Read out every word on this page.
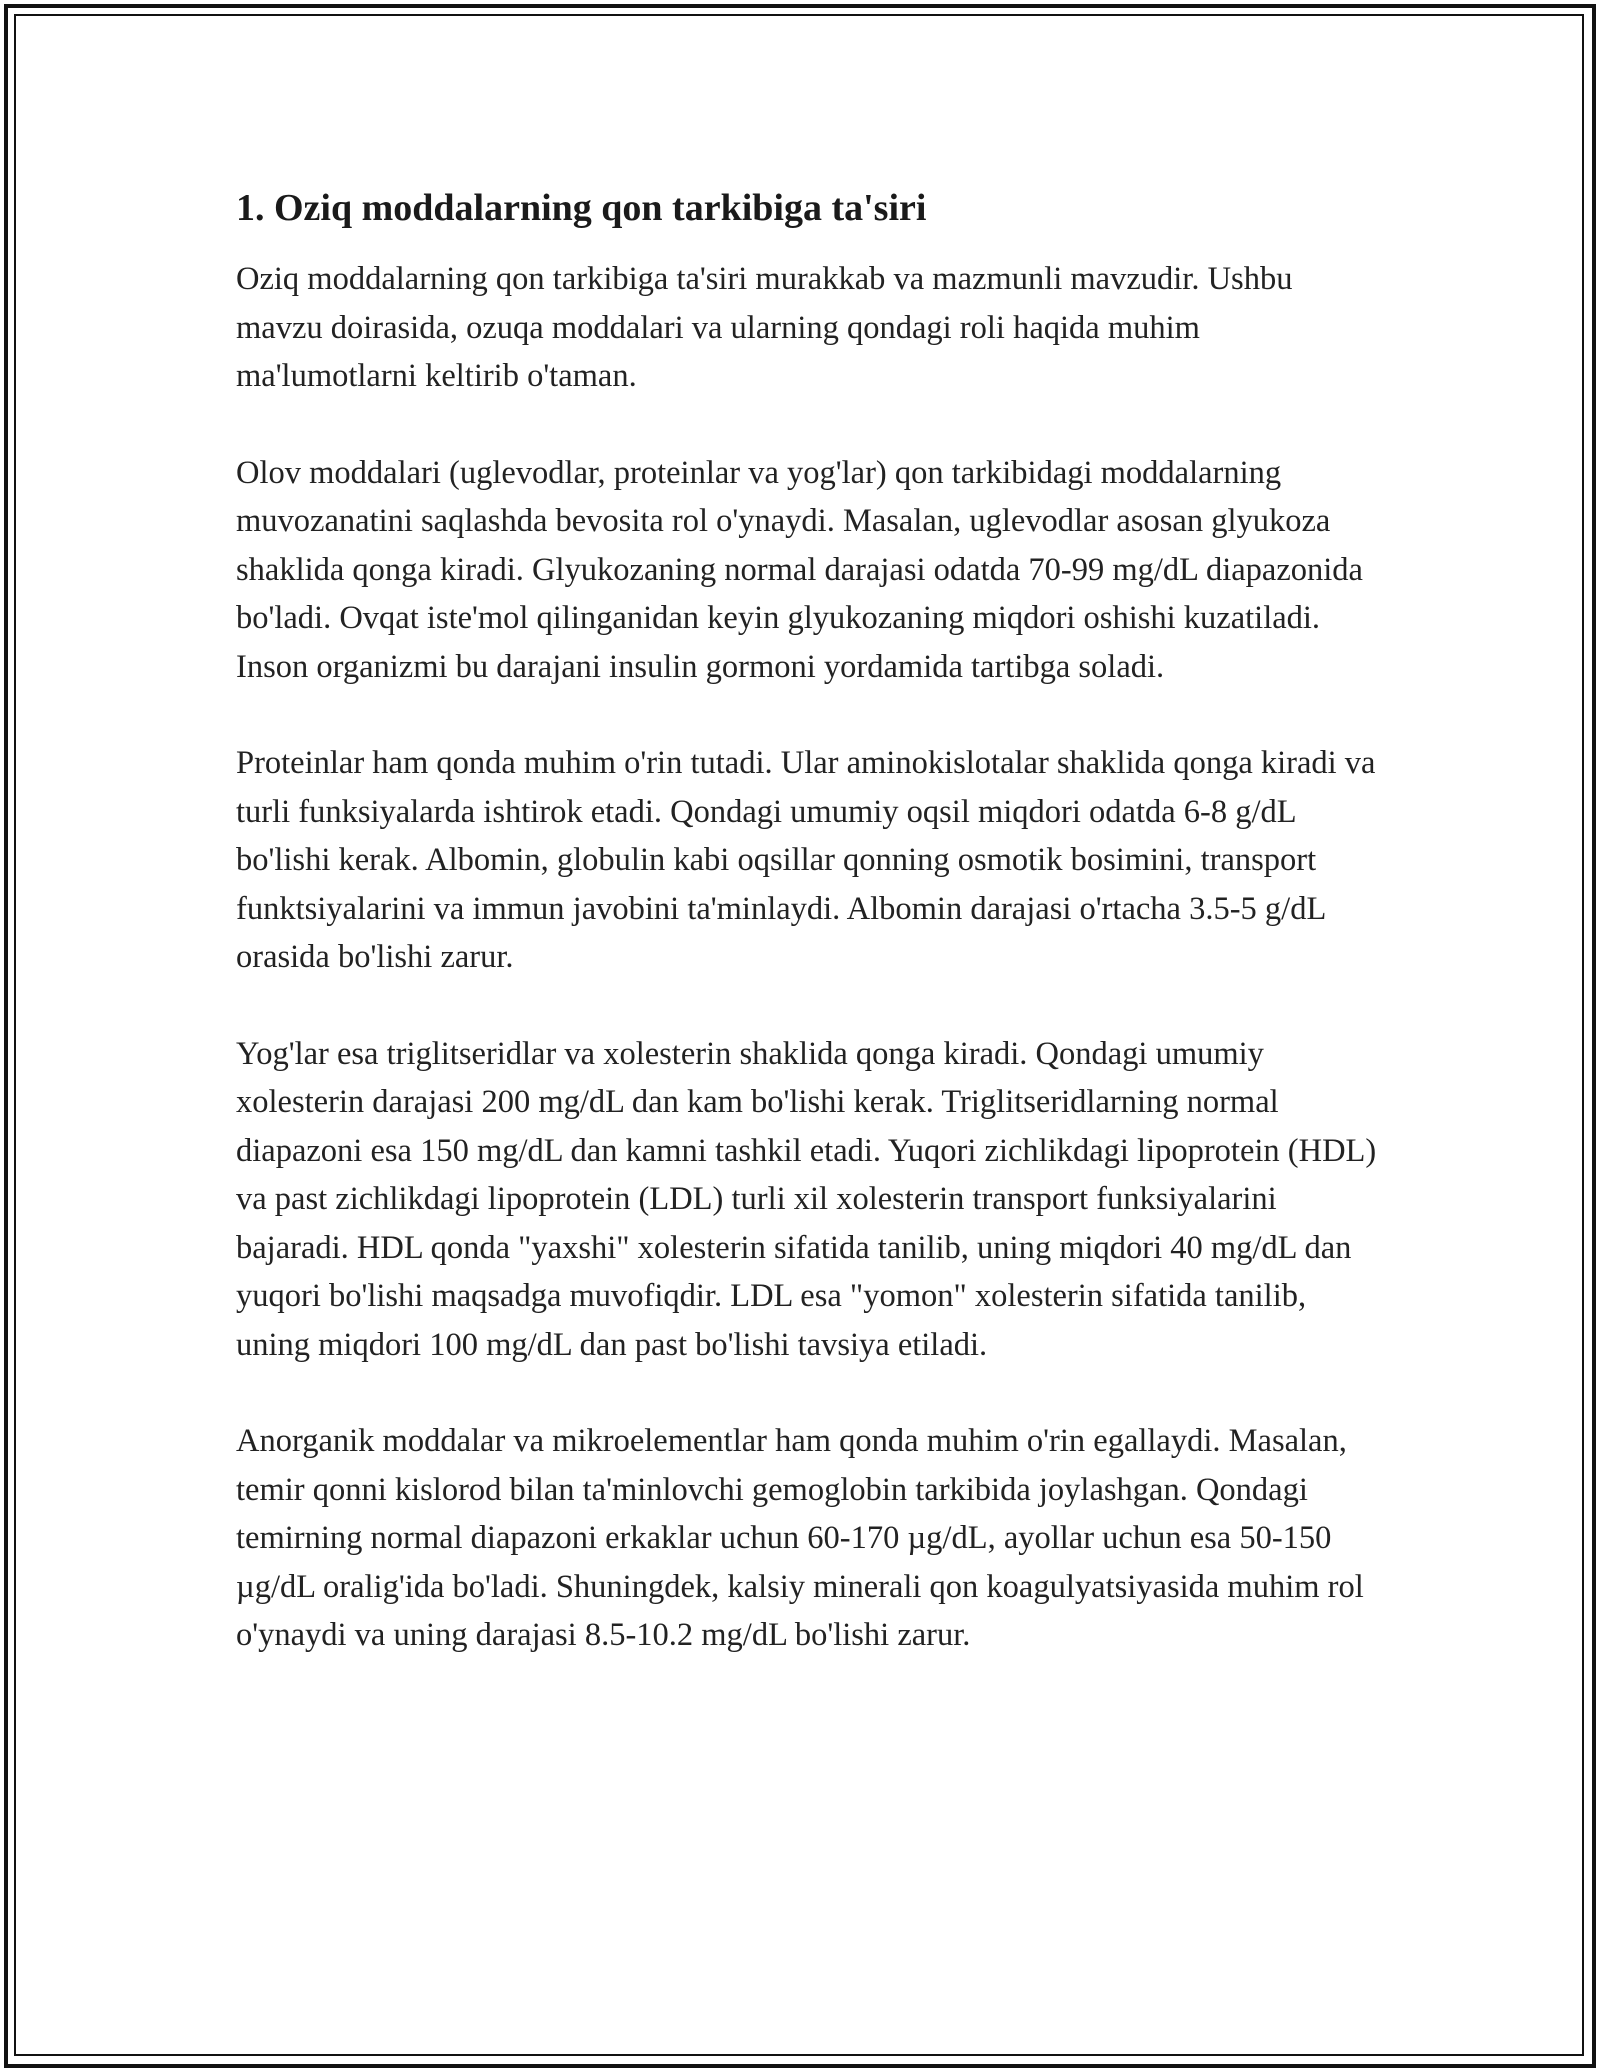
1. Oziq moddalarning qon tarkibiga ta'siri

Oziq moddalarning qon tarkibiga ta'siri murakkab va mazmunli mavzudir. Ushbu mavzu doirasida, ozuqa moddalari va ularning qondagi roli haqida muhim ma'lumotlarni keltirib o'taman.

Olov moddalari (uglevodlar, proteinlar va yog'lar) qon tarkibidagi moddalarning muvozanatini saqlashda bevosita rol o'ynaydi. Masalan, uglevodlar asosan glyukoza shaklida qonga kiradi. Glyukozaning normal darajasi odatda 70-99 mg/dL diapazonida bo'ladi. Ovqat iste'mol qilinganidan keyin glyukozaning miqdori oshishi kuzatiladi. Inson organizmi bu darajani insulin gormoni yordamida tartibga soladi.

Proteinlar ham qonda muhim o'rin tutadi. Ular aminokislotalar shaklida qonga kiradi va turli funksiyalarda ishtirok etadi. Qondagi umumiy oqsil miqdori odatda 6-8 g/dL bo'lishi kerak. Albomin, globulin kabi oqsillar qonning osmotik bosimini, transport funktsiyalarini va immun javobini ta'minlaydi. Albomin darajasi o'rtacha 3.5-5 g/dL orasida bo'lishi zarur.

Yog'lar esa triglitseridlar va xolesterin shaklida qonga kiradi. Qondagi umumiy xolesterin darajasi 200 mg/dL dan kam bo'lishi kerak. Triglitseridlarning normal diapazoni esa 150 mg/dL dan kamni tashkil etadi. Yuqori zichlikdagi lipoprotein (HDL) va past zichlikdagi lipoprotein (LDL) turli xil xolesterin transport funksiyalarini bajaradi. HDL qonda "yaxshi" xolesterin sifatida tanilib, uning miqdori 40 mg/dL dan yuqori bo'lishi maqsadga muvofiqdir. LDL esa "yomon" xolesterin sifatida tanilib, uning miqdori 100 mg/dL dan past bo'lishi tavsiya etiladi.

Anorganik moddalar va mikroelementlar ham qonda muhim o'rin egallaydi. Masalan, temir qonni kislorod bilan ta'minlovchi gemoglobin tarkibida joylashgan. Qondagi temirning normal diapazoni erkaklar uchun 60-170 µg/dL, ayollar uchun esa 50-150 µg/dL oralig'ida bo'ladi. Shuningdek, kalsiy minerali qon koagulyatsiyasida muhim rol o'ynaydi va uning darajasi 8.5-10.2 mg/dL bo'lishi zarur.
